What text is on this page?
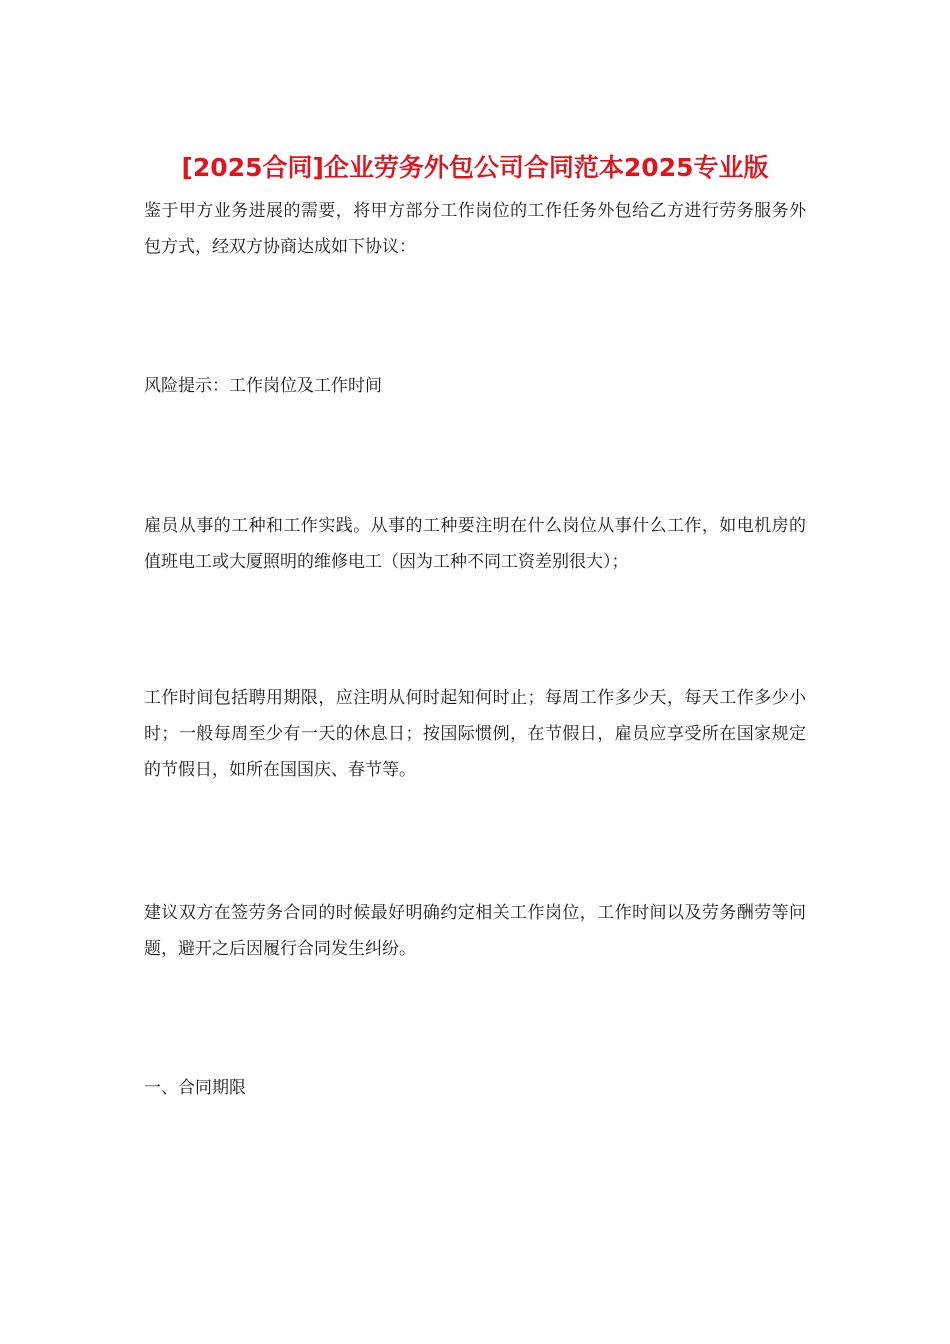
[2025合同]企业劳务外包公司合同范本2025专业版

鉴于甲方业务进展的需要，将甲方部分工作岗位的工作任务外包给乙方进行劳务服务外包方式，经双方协商达成如下协议：

风险提示：工作岗位及工作时间

雇员从事的工种和工作实践。从事的工种要注明在什么岗位从事什么工作，如电机房的值班电工或大厦照明的维修电工（因为工种不同工资差别很大）；

工作时间包括聘用期限，应注明从何时起知何时止；每周工作多少天，每天工作多少小时；一般每周至少有一天的休息日；按国际惯例，在节假日，雇员应享受所在国家规定的节假日，如所在国国庆、春节等。

建议双方在签劳务合同的时候最好明确约定相关工作岗位，工作时间以及劳务酬劳等问题，避开之后因履行合同发生纠纷。

一、合同期限
